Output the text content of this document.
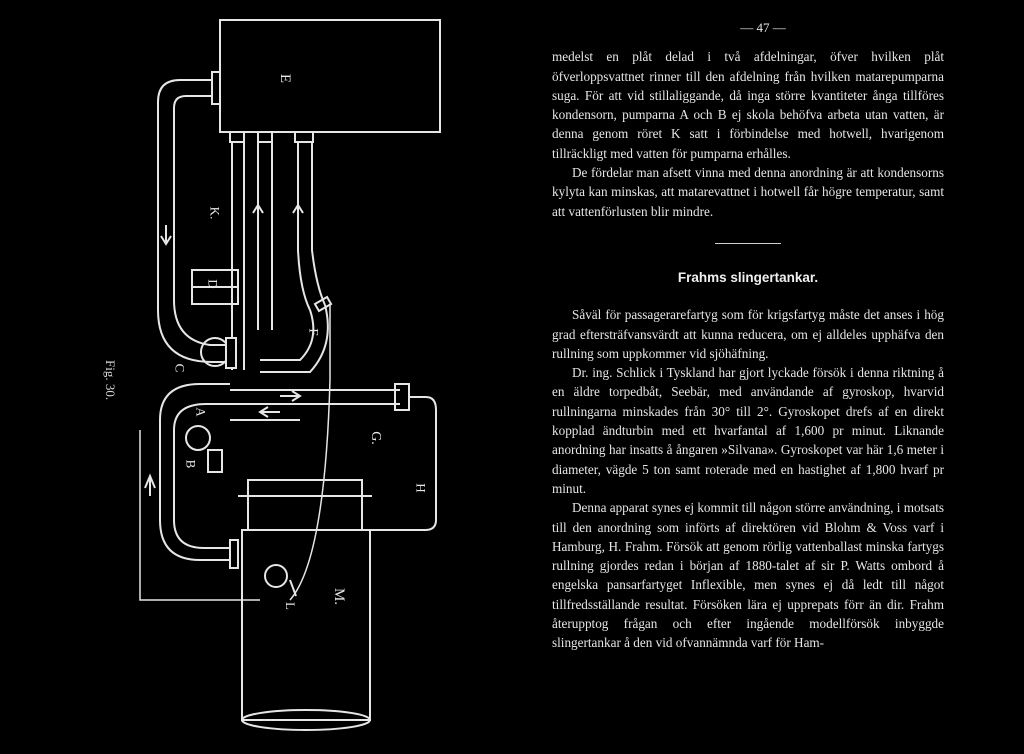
Fig. 30.
E
K.
D
F
C
A
B
G.
H
M.
L
— 47 —

medelst en plåt delad i två afdelningar, öfver hvilken plåt öfverloppsvattnet rinner till den afdelning från hvilken matarepumparna suga. För att vid stillaliggande, då inga större kvantiteter ånga tillföres kondensorn, pumparna A och B ej skola behöfva arbeta utan vatten, är denna genom röret K satt i förbindelse med hotwell, hvarigenom tillräckligt med vatten för pumparna erhålles.

De fördelar man afsett vinna med denna anordning är att kondensorns kylyta kan minskas, att matarevattnet i hotwell får högre temperatur, samt att vattenförlusten blir mindre.

Frahms slingertankar.

Såväl för passagerarefartyg som för krigsfartyg måste det anses i hög grad eftersträfvansvärdt att kunna reducera, om ej alldeles upphäfva den rullning som uppkommer vid sjöhäfning.

Dr. ing. Schlick i Tyskland har gjort lyckade försök i denna riktning å en äldre torpedbåt, Seebär, med användande af gyroskop, hvarvid rullningarna minskades från 30° till 2°. Gyroskopet drefs af en direkt kopplad ändturbin med ett hvarfantal af 1,600 pr minut. Liknande anordning har insatts å ångaren »Silvana». Gyroskopet var här 1,6 meter i diameter, vägde 5 ton samt roterade med en hastighet af 1,800 hvarf pr minut.

Denna apparat synes ej kommit till någon större användning, i motsats till den anordning som införts af direktören vid Blohm & Voss varf i Hamburg, H. Frahm. Försök att genom rörlig vattenballast minska fartygs rullning gjordes redan i början af 1880-talet af sir P. Watts ombord å engelska pansarfartyget Inflexible, men synes ej då ledt till något tillfredsställande resultat. Försöken lära ej upprepats förr än dir. Frahm återupptog frågan och efter ingående modellförsök inbyggde slingertankar å den vid ofvannämnda varf för Ham-
